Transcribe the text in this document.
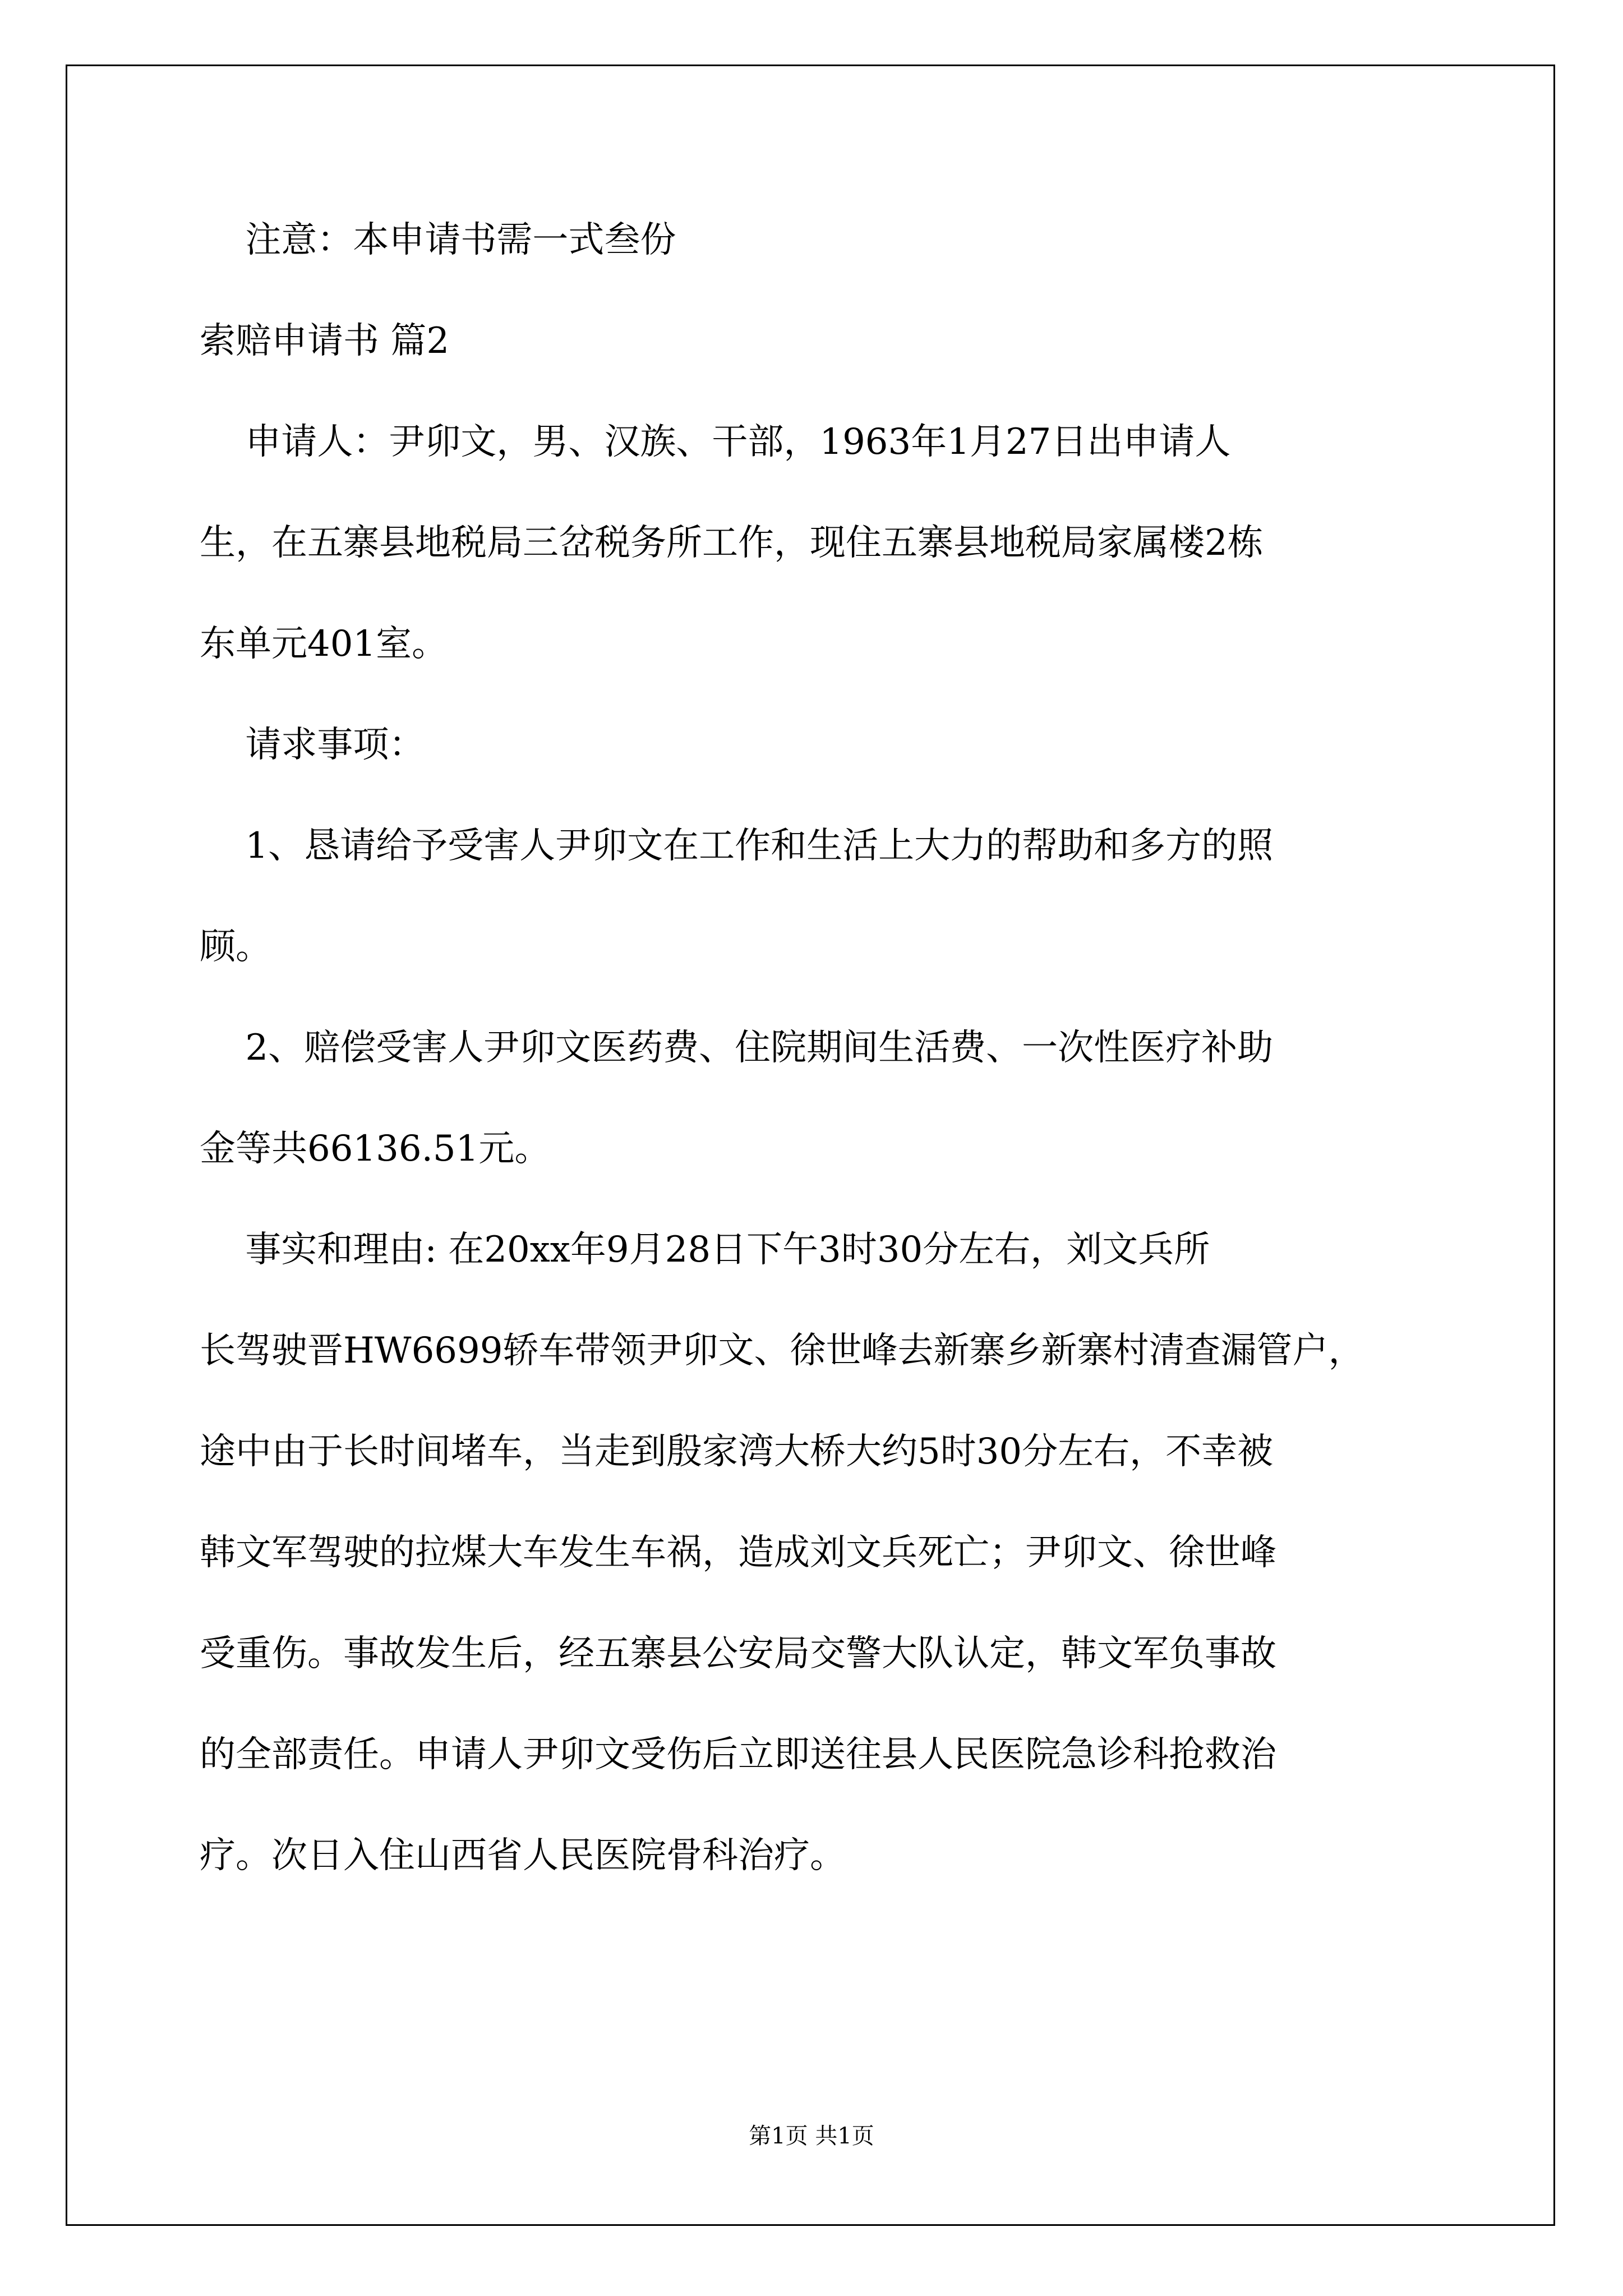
注意：本申请书需一式叁份
索赔申请书 篇2
申请人：尹卯文，男、汉族、干部，1963年1月27日出申请人
生，在五寨县地税局三岔税务所工作，现住五寨县地税局家属楼2栋
东单元401室。
请求事项：
1、恳请给予受害人尹卯文在工作和生活上大力的帮助和多方的照
顾。
2、赔偿受害人尹卯文医药费、住院期间生活费、一次性医疗补助
金等共66136.51元。
事实和理由: 在20xx年9月28日下午3时30分左右，刘文兵所
长驾驶晋HW6699轿车带领尹卯文、徐世峰去新寨乡新寨村清查漏管户，
途中由于长时间堵车，当走到殷家湾大桥大约5时30分左右，不幸被
韩文军驾驶的拉煤大车发生车祸，造成刘文兵死亡；尹卯文、徐世峰
受重伤。事故发生后，经五寨县公安局交警大队认定，韩文军负事故
的全部责任。申请人尹卯文受伤后立即送往县人民医院急诊科抢救治
疗。次日入住山西省人民医院骨科治疗。
第1页 共1页
